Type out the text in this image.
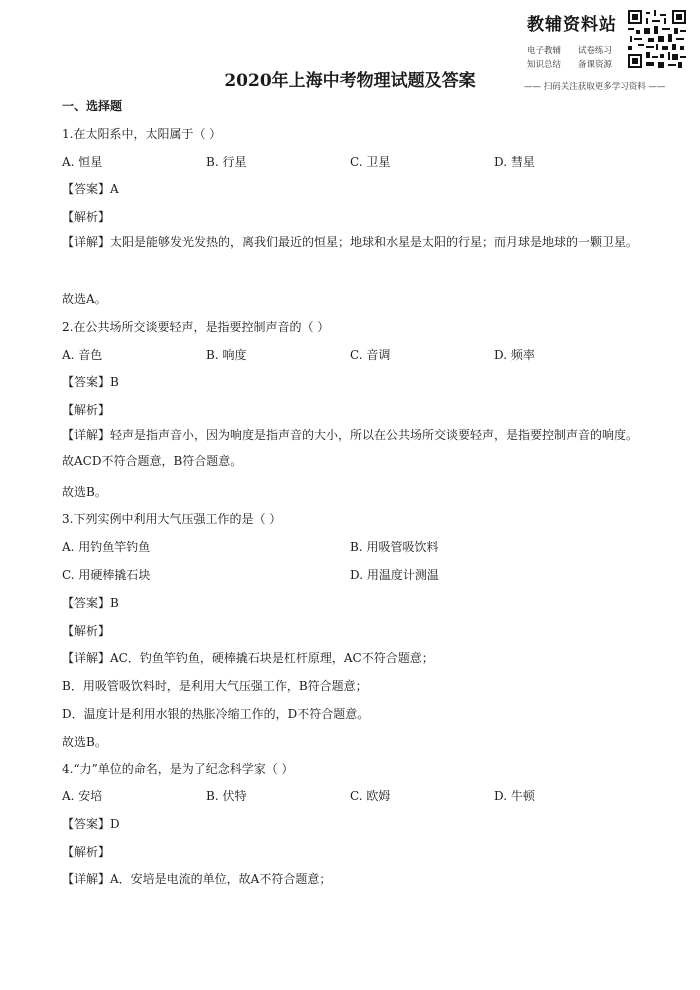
教辅资料站
电子教辅 试卷练习
知识总结 备课资源
—— 扫码关注获取更多学习资料 ——
2020年上海中考物理试题及答案
一、选择题
1.在太阳系中，太阳属于（ ）
A. 恒星	B. 行星	C. 卫星	D. 彗星
【答案】A
【解析】
【详解】太阳是能够发光发热的，离我们最近的恒星；地球和水星是太阳的行星；而月球是地球的一颗卫星。
故选A。
2.在公共场所交谈要轻声，是指要控制声音的（ ）
A. 音色	B. 响度	C. 音调	D. 频率
【答案】B
【解析】
【详解】轻声是指声音小，因为响度是指声音的大小，所以在公共场所交谈要轻声，是指要控制声音的响度。故ACD不符合题意，B符合题意。
故选B。
3.下列实例中利用大气压强工作的是（ ）
A. 用钓鱼竿钓鱼	B. 用吸管吸饮料
C. 用硬棒撬石块	D. 用温度计测温
【答案】B
【解析】
【详解】AC．钓鱼竿钓鱼，硬棒撬石块是杠杆原理，AC不符合题意；
B．用吸管吸饮料时，是利用大气压强工作，B符合题意；
D．温度计是利用水银的热胀冷缩工作的，D不符合题意。
故选B。
4.“力”单位的命名，是为了纪念科学家（ ）
A. 安培	B. 伏特	C. 欧姆	D. 牛顿
【答案】D
【解析】
【详解】A．安培是电流的单位，故A不符合题意；
